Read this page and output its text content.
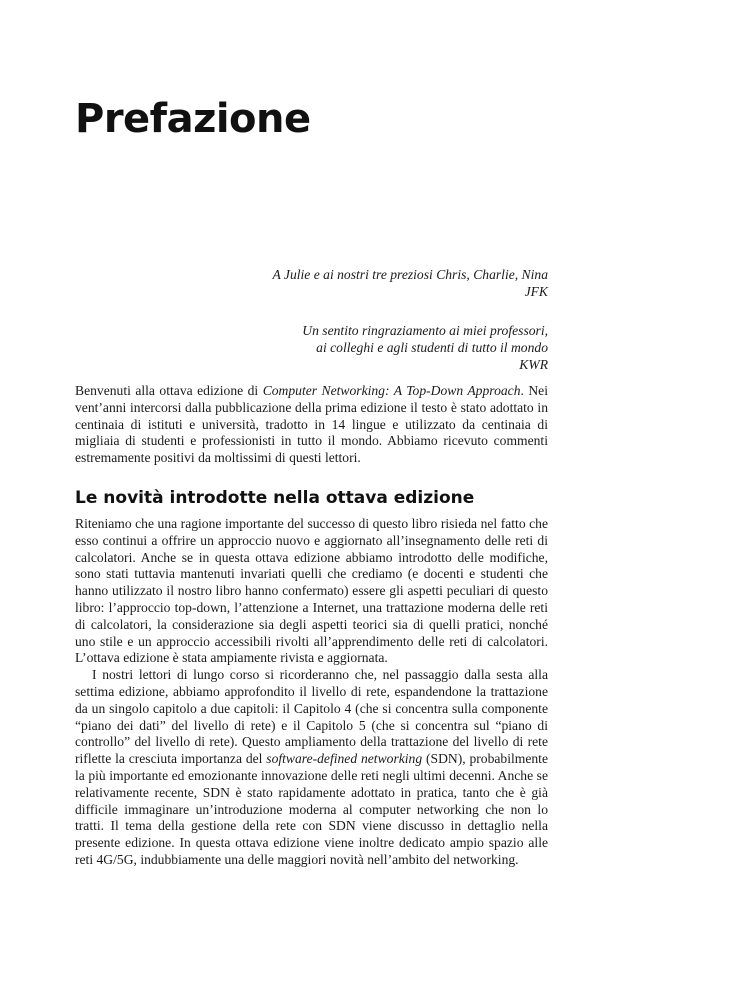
Prefazione
A Julie e ai nostri tre preziosi Chris, Charlie, Nina
JFK
Un sentito ringraziamento ai miei professori,
ai colleghi e agli studenti di tutto il mondo
KWR
Benvenuti alla ottava edizione di Computer Networking: A Top-Down Approach. Nei vent’anni intercorsi dalla pubblicazione della prima edizione il testo è stato adottato in centinaia di istituti e università, tradotto in 14 lingue e utilizzato da centinaia di migliaia di studenti e professionisti in tutto il mondo. Abbiamo ricevuto commenti estremamente positivi da moltissimi di questi lettori.
Le novità introdotte nella ottava edizione

Riteniamo che una ragione importante del successo di questo libro risieda nel fatto che esso continui a offrire un approccio nuovo e aggiornato all’insegnamento delle reti di calcolatori. Anche se in questa ottava edizione abbiamo introdotto delle modifiche, sono stati tuttavia mantenuti invariati quelli che crediamo (e docenti e studenti che hanno utilizzato il nostro libro hanno confermato) essere gli aspetti peculiari di questo libro: l’approccio top-down, l’attenzione a Internet, una trattazione moderna delle reti di calcolatori, la considerazione sia degli aspetti teorici sia di quelli pratici, nonché uno stile e un approccio accessibili rivolti all’apprendimento delle reti di calcolatori. L’ottava edizione è stata ampiamente rivista e aggiornata.

I nostri lettori di lungo corso si ricorderanno che, nel passaggio dalla sesta alla settima edizione, abbiamo approfondito il livello di rete, espandendone la trattazione da un singolo capitolo a due capitoli: il Capitolo 4 (che si concentra sulla componente “piano dei dati” del livello di rete) e il Capitolo 5 (che si concentra sul “piano di controllo” del livello di rete). Questo ampliamento della trattazione del livello di rete riflette la cresciuta importanza del software-defined networking (SDN), probabilmente la più importante ed emozionante innovazione delle reti negli ultimi decenni. Anche se relativamente recente, SDN è stato rapidamente adottato in pratica, tanto che è già difficile immaginare un’introduzione moderna al computer networking che non lo tratti. Il tema della gestione della rete con SDN viene discusso in dettaglio nella presente edizione. In questa ottava edizione viene inoltre dedicato ampio spazio alle reti 4G/5G, indubbiamente una delle maggiori novità nell’ambito del networking.
